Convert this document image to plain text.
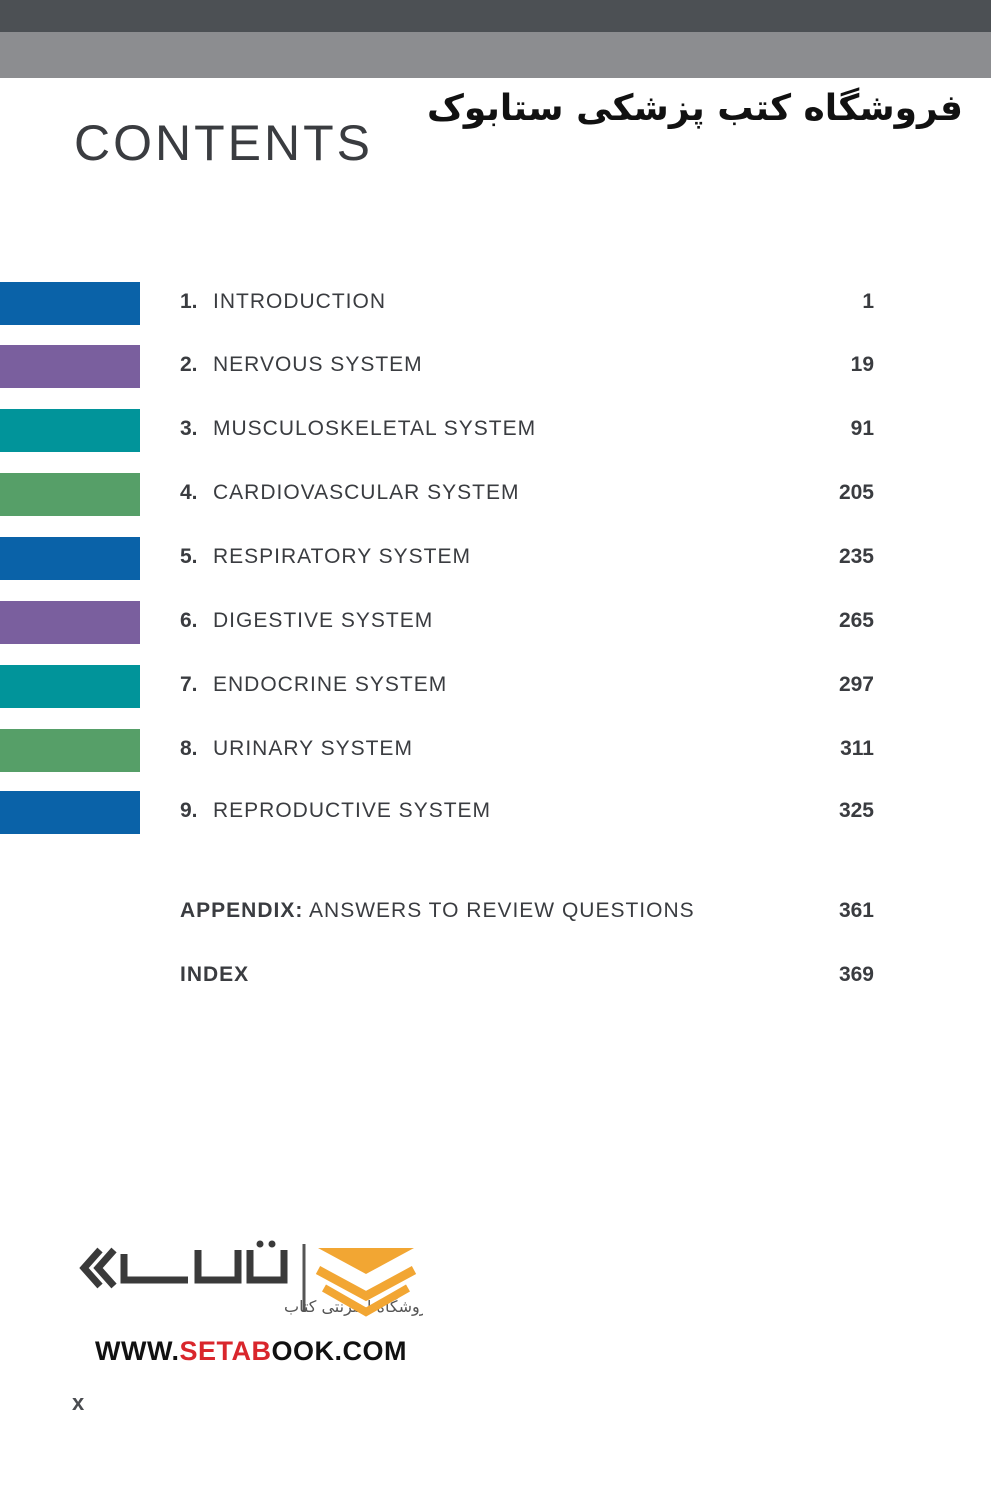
فروشگاه کتب پزشکی ستابوک
CONTENTS
1. INTRODUCTION	1
2. NERVOUS SYSTEM	19
3. MUSCULOSKELETAL SYSTEM	91
4. CARDIOVASCULAR SYSTEM	205
5. RESPIRATORY SYSTEM	235
6. DIGESTIVE SYSTEM	265
7. ENDOCRINE SYSTEM	297
8. URINARY SYSTEM	311
9. REPRODUCTIVE SYSTEM	325
APPENDIX: ANSWERS TO REVIEW QUESTIONS	361
INDEX	369
فروشگاه اینترنتی کتاب
WWW.SETABOOK.COM
x
